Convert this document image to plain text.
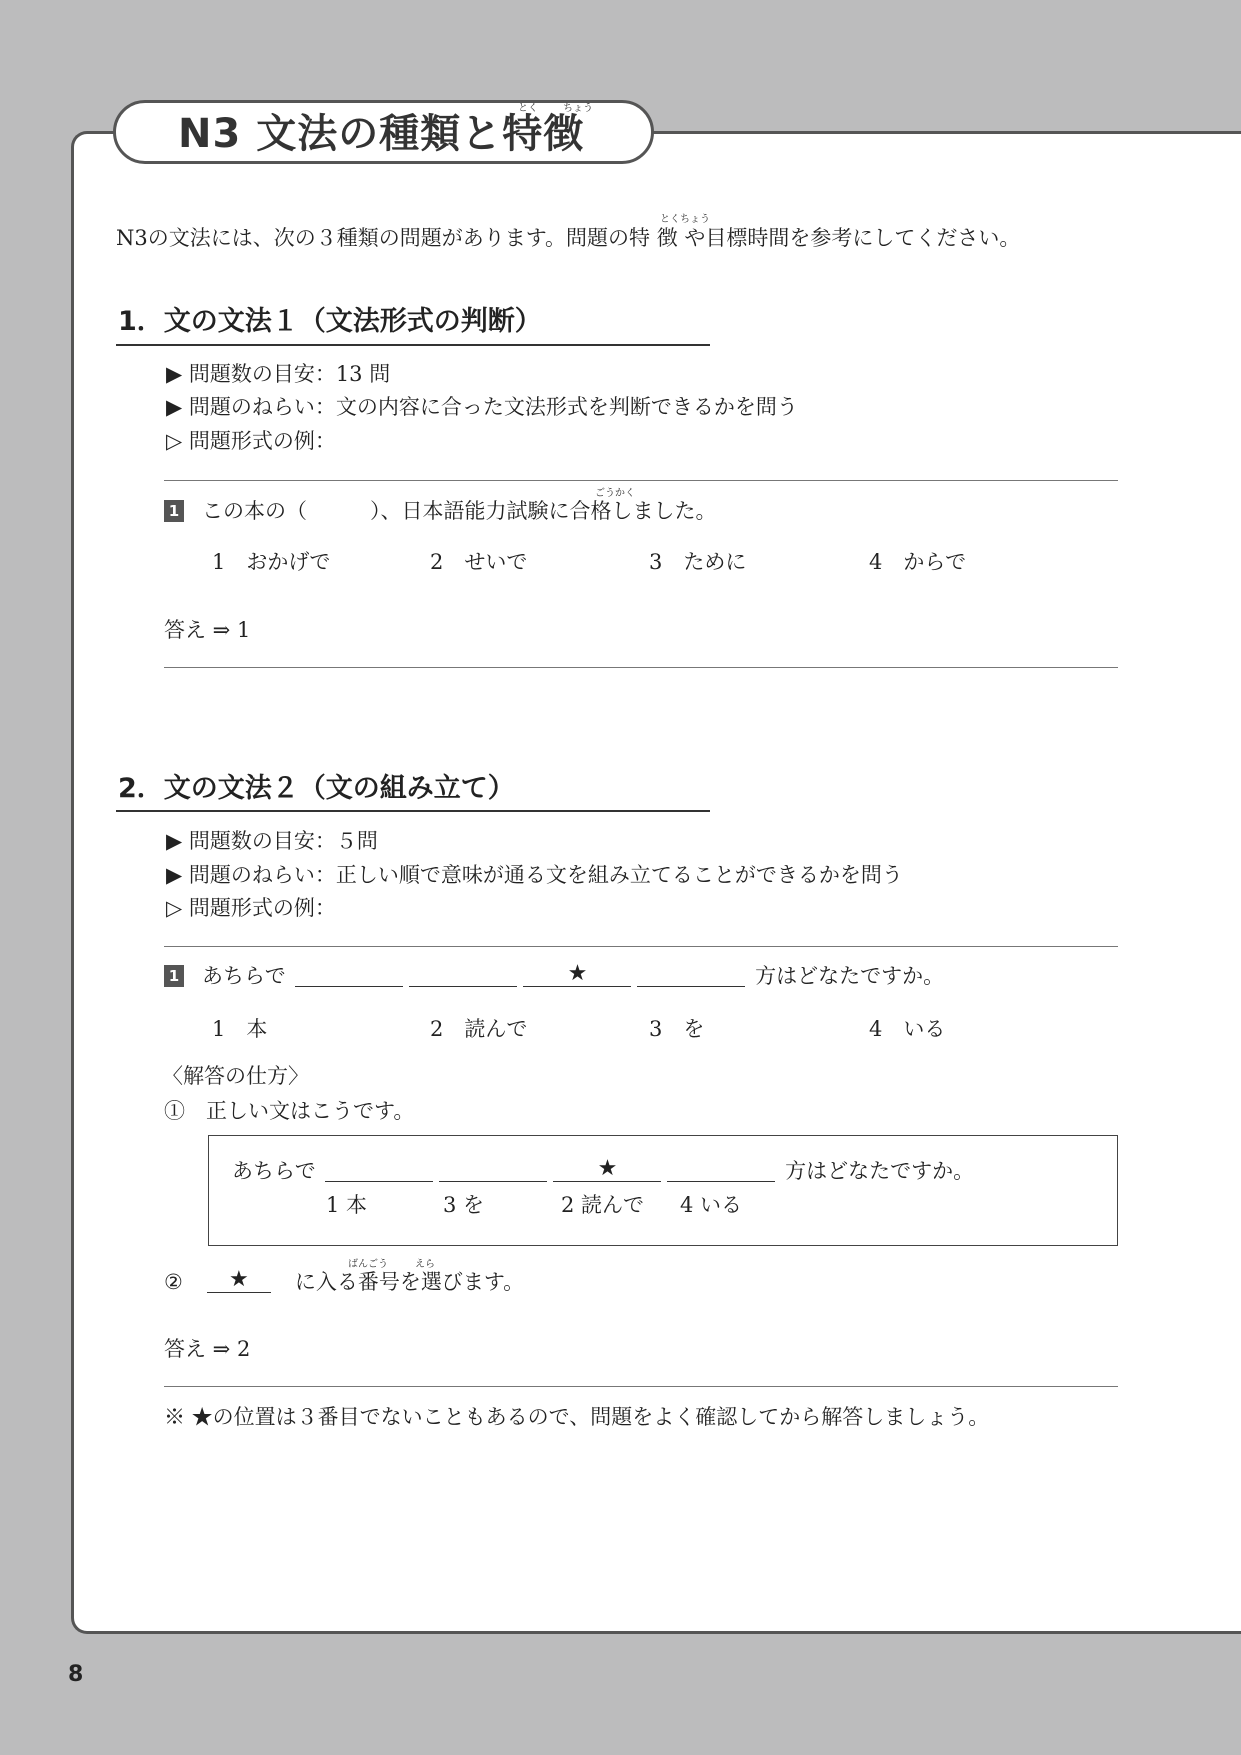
N3 文法の種類と特徴
とく	ちょう
とくちょう
N3の文法には、次の３種類の問題があります。問題の特 徴 や目標時間を参考にしてください。
1．文の文法１（文法形式の判断）
▶ 問題数の目安：13 問
▶ 問題のねらい：文の内容に合った文法形式を判断できるかを問う
▷ 問題形式の例：
ごうかく
1 この本の（　　　）、日本語能力試験に合格しました。
1　おかげで	2　せいで	3　ために	4　からで
答え ⇒ 1
2．文の文法２（文の組み立て）
▶ 問題数の目安：５問
▶ 問題のねらい：正しい順で意味が通る文を組み立てることができるかを問う
▷ 問題形式の例：
1 あちらで	★	方はどなたですか。
1　本	2　読んで	3　を	4　いる
〈解答の仕方〉
①　正しい文はこうです。
あちらで	★	方はどなたですか。
1 本	3 を	2 読んで 4 いる
ばんごう	えら
②　	★
　	に入る番号を選びます。
答え ⇒ 2
※ ★の位置は３番目でないこともあるので、問題をよく確認してから解答しましょう。
8
